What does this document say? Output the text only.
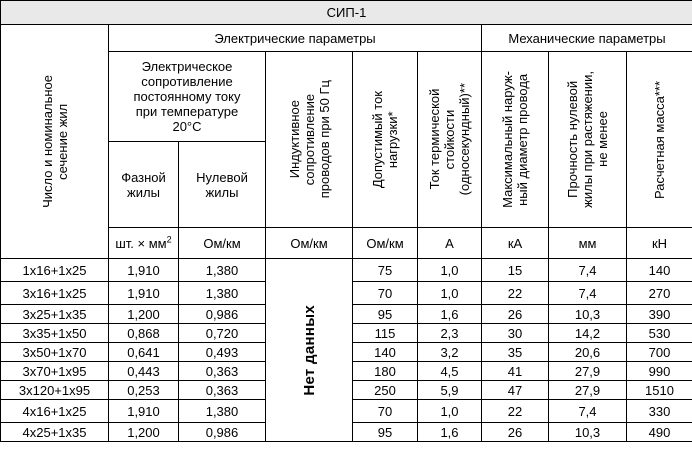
СИП-1									

Число и номинальное
сечение жил	Электрические параметры					Механические параметры			
	Электрическое
сопротивление
постоянному току
при температуре
20°С		Индуктивное
сопротивление
проводов при 50 Гц	Допустимый ток
нагрузки*	Ток термической
стойкости
(односекундный)**	Максимальный наруж-
ный диаметр провода	Прочность нулевой
жилы при растяжении,
не менее	Расчетная масса***	

	Фазной
жилы	Нулевой
жилы							
	шт. × $мм^2$	Ом/км	Ом/км	Ом/км	А	кА	мм	кН	
1х16+1х25	1,910	1,380	Нет данных	75	1,0	15	7,4	140	
3х16+1х25	1,910	1,380		70	1,0	22	7,4	270	
3х25+1х35	1,200	0,986		95	1,6	26	10,3	390	
3х35+1х50	0,868	0,720		115	2,3	30	14,2	530	
3х50+1х70	0,641	0,493		140	3,2	35	20,6	700	
3х70+1х95	0,443	0,363		180	4,5	41	27,9	990	
3х120+1х95	0,253	0,363		250	5,9	47	27,9	1510	
4х16+1х25	1,910	1,380		70	1,0	22	7,4	330	
4х25+1х35	1,200	0,986		95	1,6	26	10,3	490	
